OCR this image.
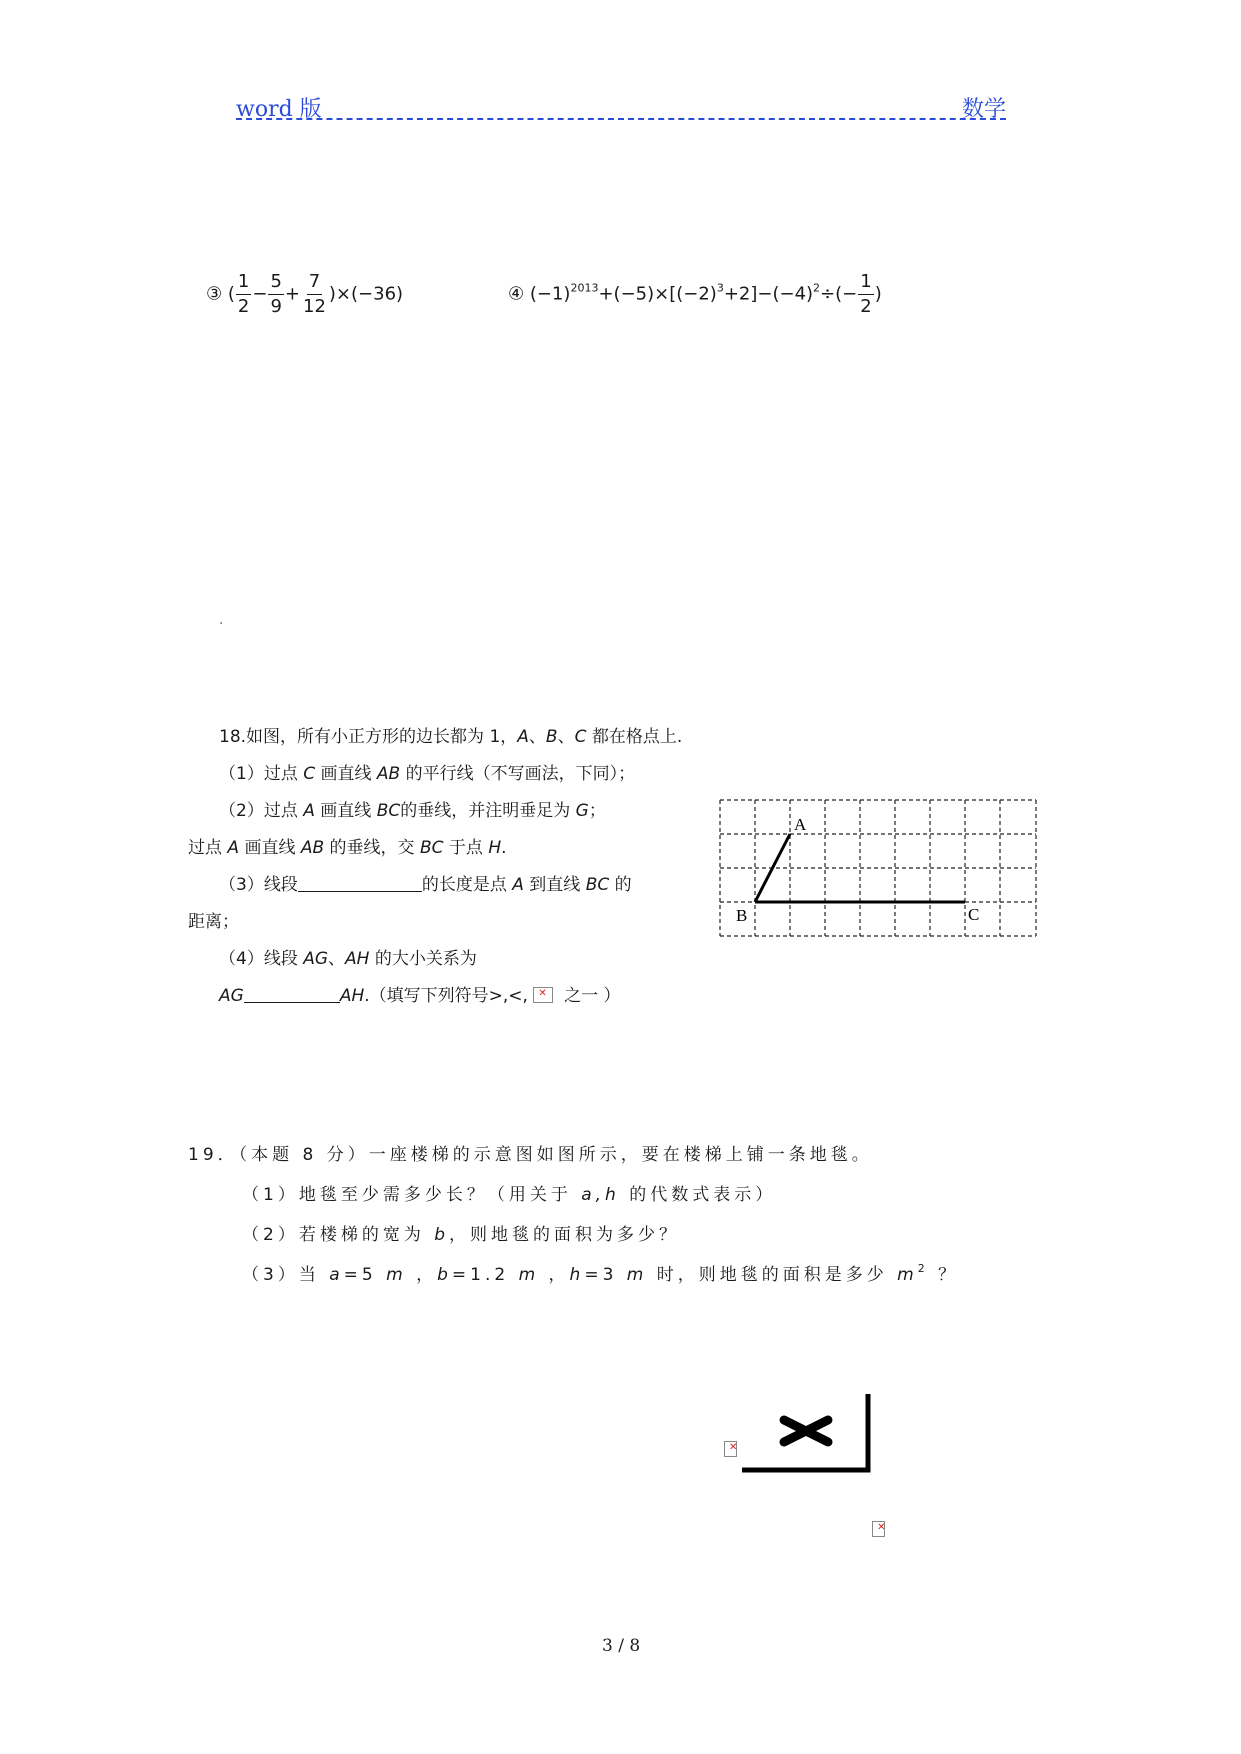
word 版	数学
③ ( $\frac{1}{2} - \frac{5}{9} + \frac{7}{12} )\times(-36)$	④ $(-1)^{2013}+(-5)\times[(-2)^3+2]-(-4)^2\div(- \frac{1}{2}$ )
.
18.如图，所有小正方形的边长都为 1，A、B、C 都在格点上.
（1）过点 C 画直线 AB 的平行线（不写画法，下同）；
（2）过点 A 画直线 BC的垂线，并注明垂足为 G；
过点 A 画直线 AB 的垂线，交 BC 于点 H.
（3）线段	的长度是点 A 到直线 BC 的
距离；
（4）线段 AG、AH 的大小关系为
AG	AH.（填写下列符号>,<, ✕ 之一 ）
A
B	C
19．（本题 8 分）一座楼梯的示意图如图所示，要在楼梯上铺一条地毯。
（1）地毯至少需多少长？（用关于 a,h 的代数式表示）
（2）若楼梯的宽为 b，则地毯的面积为多少？
（3）当 a=5 m ，b=1.2 m ，h=3 m 时，则地毯的面积是多少 $m^2$ ？
✕
✕
3 / 8
